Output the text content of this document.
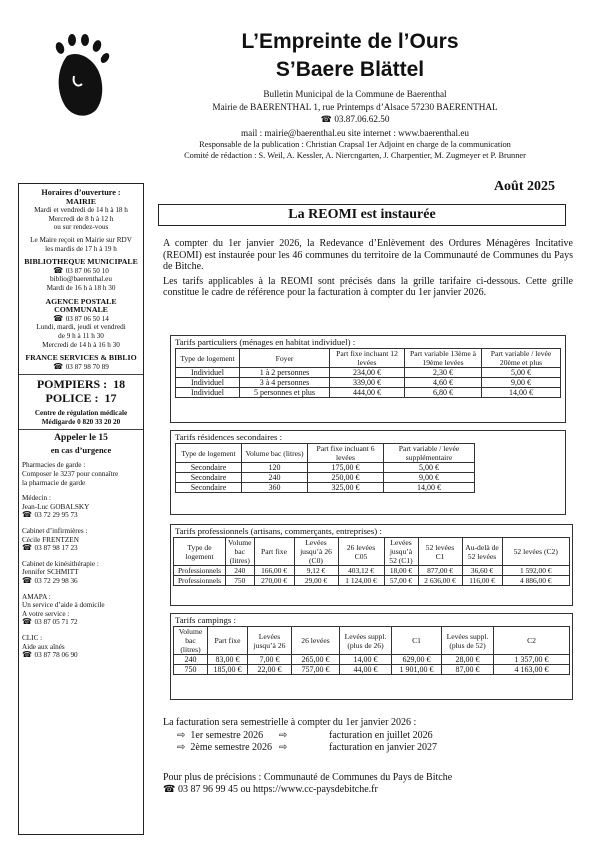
L’Empreinte de l’Ours
S’Baere Blättel
Bulletin Municipal de la Commune de Baerenthal
Mairie de BAERENTHAL 1, rue Printemps d’Alsace 57230 BAERENTHAL
☎ 03.87.06.62.50
mail : mairie@baerenthal.eu site internet : www.baerenthal.eu
Responsable de la publication : Christian Crapsal 1er Adjoint en charge de la communication
Comité de rédaction : S. Weil, A. Kessler, A. Niercngarten, J. Charpentier, M. Zugmeyer et P. Brunner
Août 2025
Horaires d’ouverture :
MAIRIE
Mardi et vendredi de 14 h à 18 h
Mercredi de 8 h à 12 h
ou sur rendez-vous
Le Maire reçoit en Mairie sur RDV
les mardis de 17 h à 19 h
BIBLIOTHEQUE MUNICIPALE
☎ 03 87 06 50 10
biblio@baerenthal.eu
Mardi de 16 h à 18 h 30
AGENCE POSTALE COMMUNALE
☎ 03 87 06 50 14
Lundi, mardi, jeudi et vendredi
de 9 h à 11 h 30
Mercredi de 14 h à 16 h 30
FRANCE SERVICES & BIBLIO
☎ 03 87 98 70 89
POMPIERS : 18
POLICE : 17
Centre de régulation médicale
Médigarde 0 820 33 20 20
Appeler le 15
en cas d’urgence
Pharmacies de garde :
Composer le 3237 pour connaître
la pharmacie de garde
Médecin :
Jean-Luc GOBALSKY
☎ 03 72 29 95 73
Cabinet d’infirmières :
Cécile FRENTZEN
☎ 03 87 98 17 23
Cabinet de kinésithérapie :
Jennifer SCHMITT
☎ 03 72 29 98 36
AMAPA :
Un service d’aide à domicile
A votre service :
☎ 03 87 05 71 72
CLIC :
Aide aux aînés
☎ 03 87 78 06 90
La REOMI est instaurée

A compter du 1er janvier 2026, la Redevance d’Enlèvement des Ordures Ménagères Incitative (REOMI) est instaurée pour les 46 communes du territoire de la Communauté de Communes du Pays de Bitche.

Les tarifs applicables à la REOMI sont précisés dans la grille tarifaire ci-dessous. Cette grille constitue le cadre de référence pour la facturation à compter du 1er janvier 2026.

Tarifs particuliers (ménages en habitat individuel) :
Type de logement	Foyer	Part fixe incluant 12 levées	Part variable 13ème à 19ème levées	Part variable / levée 20ème et plus
Individuel	1 à 2 personnes	234,00 €	2,30 €	5,00 €
Individuel	3 à 4 personnes	339,00 €	4,60 €	9,00 €
Individuel	5 personnes et plus	444,00 €	6,80 €	14,00 €
Tarifs résidences secondaires :
Type de logement	Volume bac (litres)	Part fixe incluant 6 levées	Part variable / levée supplémentaire
Secondaire	120	175,00 €	5,00 €
Secondaire	240	250,00 €	9,00 €
Secondaire	360	325,00 €	14,00 €
Tarifs professionnels (artisans, commerçants, entreprises) :
Type de logement	Volume bac (litres)	Part fixe	Levées jusqu’à 26 (C0)	26 levées C05	Levées jusqu’à 52 (C1)	52 levées C1	Au-delà de 52 levées	52 levées (C2)
Professionnels	240	166,00 €	9,12 €	403,12 €	18,00 €	877,00 €	36,60 €	1 592,00 €
Professionnels	750	270,00 €	29,00 €	1 124,00 €	57,00 €	2 636,00 €	116,00 €	4 886,00 €
Tarifs campings :
Volume bac (litres)	Part fixe	Levées jusqu’à 26	26 levées	Levées suppl. (plus de 26)	C1	Levées suppl. (plus de 52)	C2
240	83,00 €	7,00 €	265,00 €	14,00 €	629,00 €	28,00 €	1 357,00 €
750	185,00 €	22,00 €	757,00 €	44,00 €	1 901,00 €	87,00 €	4 163,00 €
La facturation sera semestrielle à compter du 1er janvier 2026 :
⇨  1er semestre 2026	⇨	facturation en juillet 2026
⇨  2ème semestre 2026 ⇨	facturation en janvier 2027
Pour plus de précisions : Communauté de Communes du Pays de Bitche
☎ 03 87 96 99 45 ou https://www.cc-paysdebitche.fr
